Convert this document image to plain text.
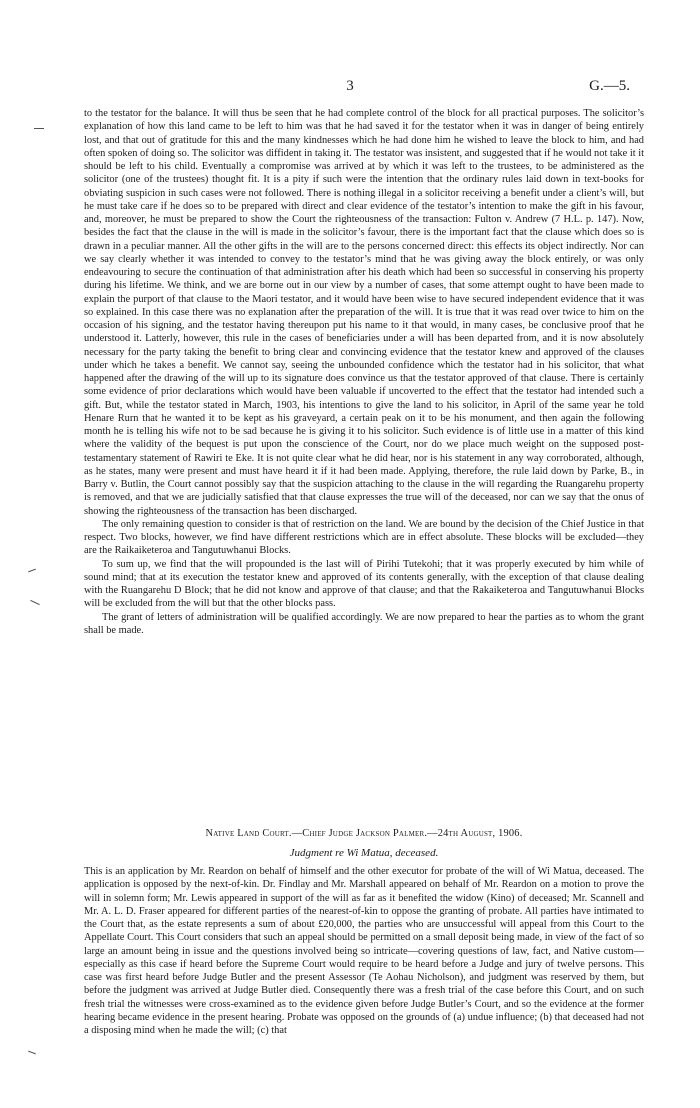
3	G.—5.

to the testator for the balance. It will thus be seen that he had complete control of the block for all practical purposes. The solicitor’s explanation of how this land came to be left to him was that he had saved it for the testator when it was in danger of being entirely lost, and that out of gratitude for this and the many kindnesses which he had done him he wished to leave the block to him, and had often spoken of doing so. The solicitor was diffident in taking it. The testator was insistent, and suggested that if he would not take it it should be left to his child. Eventually a compromise was arrived at by which it was left to the trustees, to be administered as the solicitor (one of the trustees) thought fit. It is a pity if such were the intention that the ordinary rules laid down in text-books for obviating suspicion in such cases were not followed. There is nothing illegal in a solicitor receiving a benefit under a client’s will, but he must take care if he does so to be prepared with direct and clear evidence of the testator’s intention to make the gift in his favour, and, moreover, he must be prepared to show the Court the righteousness of the transaction: Fulton v. Andrew (7 H.L. p. 147). Now, besides the fact that the clause in the will is made in the solicitor’s favour, there is the important fact that the clause which does so is drawn in a peculiar manner. All the other gifts in the will are to the persons concerned direct: this effects its object indirectly. Nor can we say clearly whether it was intended to convey to the testator’s mind that he was giving away the block entirely, or was only endeavouring to secure the continuation of that administration after his death which had been so successful in conserving his property during his lifetime. We think, and we are borne out in our view by a number of cases, that some attempt ought to have been made to explain the purport of that clause to the Maori testator, and it would have been wise to have secured independent evidence that it was so explained. In this case there was no explanation after the preparation of the will. It is true that it was read over twice to him on the occasion of his signing, and the testator having thereupon put his name to it that would, in many cases, be conclusive proof that he understood it. Latterly, however, this rule in the cases of beneficiaries under a will has been departed from, and it is now absolutely necessary for the party taking the benefit to bring clear and convincing evidence that the testator knew and approved of the clauses under which he takes a benefit. We cannot say, seeing the unbounded confidence which the testator had in his solicitor, that what happened after the drawing of the will up to its signature does convince us that the testator approved of that clause. There is certainly some evidence of prior declarations which would have been valuable if uncoverted to the effect that the testator had intended such a gift. But, while the testator stated in March, 1903, his intentions to give the land to his solicitor, in April of the same year he told Henare Rurn that he wanted it to be kept as his graveyard, a certain peak on it to be his monument, and then again the following month he is telling his wife not to be sad because he is giving it to his solicitor. Such evidence is of little use in a matter of this kind where the validity of the bequest is put upon the conscience of the Court, nor do we place much weight on the supposed post-testamentary statement of Rawiri te Eke. It is not quite clear what he did hear, nor is his statement in any way corroborated, although, as he states, many were present and must have heard it if it had been made. Applying, therefore, the rule laid down by Parke, B., in Barry v. Butlin, the Court cannot possibly say that the suspicion attaching to the clause in the will regarding the Ruangarehu property is removed, and that we are judicially satisfied that that clause expresses the true will of the deceased, nor can we say that the onus of showing the righteousness of the transaction has been discharged.

The only remaining question to consider is that of restriction on the land. We are bound by the decision of the Chief Justice in that respect. Two blocks, however, we find have different restrictions which are in effect absolute. These blocks will be excluded—they are the Raikaiketeroa and Tangutuwhanui Blocks.

To sum up, we find that the will propounded is the last will of Pirihi Tutekohi; that it was properly executed by him while of sound mind; that at its execution the testator knew and approved of its contents generally, with the exception of that clause dealing with the Ruangarehu D Block; that he did not know and approve of that clause; and that the Rakaiketeroa and Tangutuwhanui Blocks will be excluded from the will but that the other blocks pass.

The grant of letters of administration will be qualified accordingly. We are now prepared to hear the parties as to whom the grant shall be made.

Native Land Court.—Chief Judge Jackson Palmer.—24th August, 1906.
Judgment re Wi Matua, deceased.

This is an application by Mr. Reardon on behalf of himself and the other executor for probate of the will of Wi Matua, deceased. The application is opposed by the next-of-kin. Dr. Findlay and Mr. Marshall appeared on behalf of Mr. Reardon on a motion to prove the will in solemn form; Mr. Lewis appeared in support of the will as far as it benefited the widow (Kino) of deceased; Mr. Scannell and Mr. A. L. D. Fraser appeared for different parties of the nearest-of-kin to oppose the granting of probate. All parties have intimated to the Court that, as the estate represents a sum of about £20,000, the parties who are unsuccessful will appeal from this Court to the Appellate Court. This Court considers that such an appeal should be permitted on a small deposit being made, in view of the fact of so large an amount being in issue and the questions involved being so intricate—covering questions of law, fact, and Native custom—especially as this case if heard before the Supreme Court would require to be heard before a Judge and jury of twelve persons. This case was first heard before Judge Butler and the present Assessor (Te Aohau Nicholson), and judgment was reserved by them, but before the judgment was arrived at Judge Butler died. Consequently there was a fresh trial of the case before this Court, and on such fresh trial the witnesses were cross-examined as to the evidence given before Judge Butler’s Court, and so the evidence at the former hearing became evidence in the present hearing. Probate was opposed on the grounds of (a) undue influence; (b) that deceased had not a disposing mind when he made the will; (c) that
